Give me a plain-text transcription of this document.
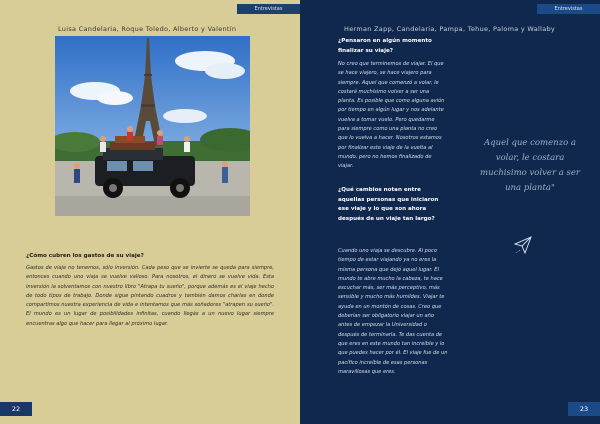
Entrevistas
Luisa Candelaria, Roque Toledo, Alberto y Valentín
¿Cómo cubren los gastos de su viaje?
Gastos de viaje no tenemos, sólo inversión. Cada peso que se invierte se queda para siempre, entonces cuando uno viaja se vuelve valioso. Para nosotros, el dinero se vuelve vida. Esta inversión la solventamos con nuestro libro "Atrapa tu sueño", porque además es el viaje hecho de todo tipos de trabajo. Donde sigue pintando cuadros y también damos charlas en donde compartimos nuestra experiencia de vida e intentamos que más soñadores "atrapen su sueño". El mundo es un lugar de posibilidades infinitas, cuando llegás a un nuevo lugar siempre encuentras algo que hacer para llegar al próximo lugar.
22
Entrevistas
Herman Zapp, Candelaria, Pampa, Tehue, Paloma y Wallaby
¿Pensaron en algún momento finalizar su viaje?
No creo que terminemos de viajar. El que se hace viajero, se hace viajero para siempre. Aquel que comenzó a volar, le costará muchísimo volver a ser una planta. Es posible que como alguna avión por tiempo en algún lugar y nos adelante vuelva a tomar vuelo. Pero quedarme para siempre como una planta no creo que lo vuelva a hacer. Nosotros estamos por finalizar este viaje de la vuelta al mundo, pero no hemos finalizado de viajar.
¿Qué cambios notan entre aquellas personas que iniciaron ese viaje y lo que son ahora después de un viaje tan largo?
Cuando uno viaja se descubre. Al poco tiempo de estar viajando ya no eres la misma persona que dejó aquel lugar. El mundo te abre mucho la cabeza, te hace escuchar más, ser más perceptivo, más sensible y mucho más humildes. Viajar te ayuda en un montón de cosas. Creo que deberían ser obligatorio viajar un año antes de empezar la Universidad o después de terminarla. Te das cuenta de que eres en este mundo tan increíble y lo que puedes hacer por él. El viaje fue de un pacífico increíble de esas personas maravillosas que eres.
Aquel que comenzo a volar, le costara muchisimo volver a ser una planta"
23
